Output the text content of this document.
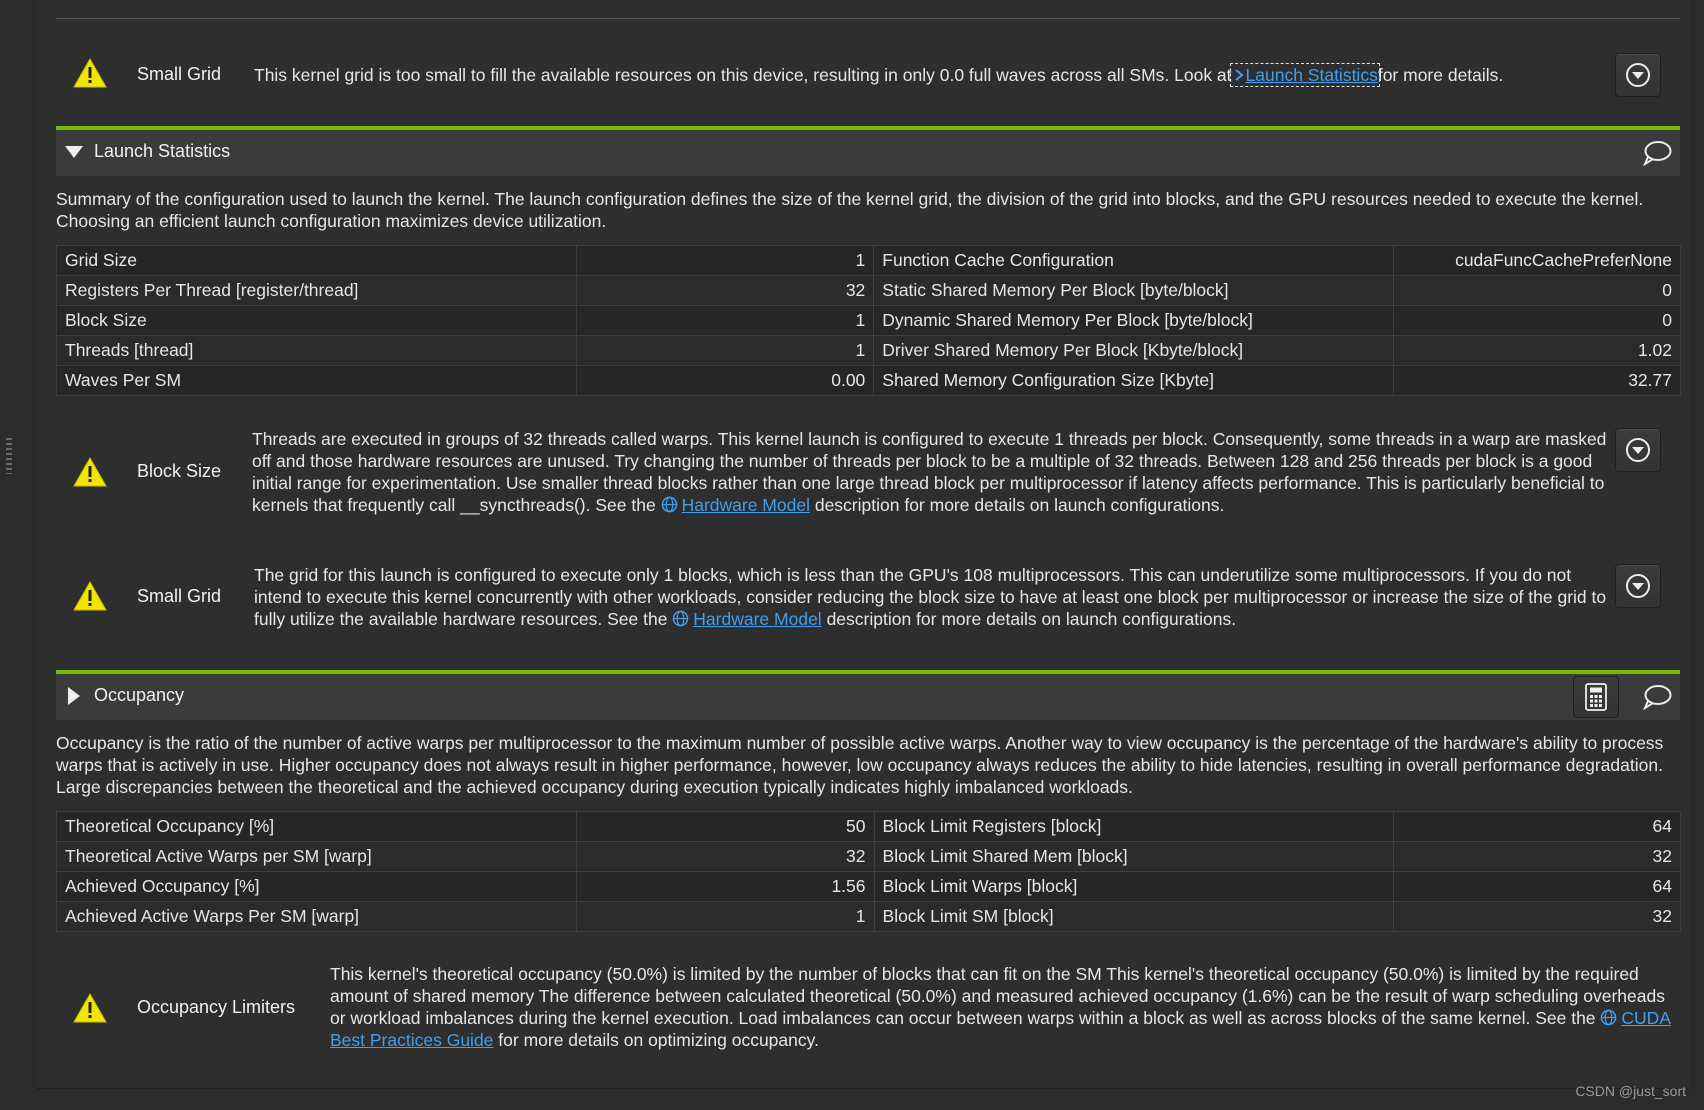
Small Grid This kernel grid is too small to fill the available resources on this device, resulting in only 0.0 full waves across all SMs. Look at Launch Statisticsfor more details.
Launch Statistics
Summary of the configuration used to launch the kernel. The launch configuration defines the size of the kernel grid, the division of the grid into blocks, and the GPU resources needed to execute the kernel. Choosing an efficient launch configuration maximizes device utilization.
Grid Size	1	Function Cache Configuration	cudaFuncCachePreferNone
Registers Per Thread [register/thread]	32	Static Shared Memory Per Block [byte/block]	0
Block Size	1	Dynamic Shared Memory Per Block [byte/block]	0
Threads [thread]	1	Driver Shared Memory Per Block [Kbyte/block]	1.02
Waves Per SM	0.00	Shared Memory Configuration Size [Kbyte]	32.77
Block Size
Threads are executed in groups of 32 threads called warps. This kernel launch is configured to execute 1 threads per block. Consequently, some threads in a warp are masked off and those hardware resources are unused. Try changing the number of threads per block to be a multiple of 32 threads. Between 128 and 256 threads per block is a good initial range for experimentation. Use smaller thread blocks rather than one large thread block per multiprocessor if latency affects performance. This is particularly beneficial to kernels that frequently call __syncthreads(). See the Hardware Model description for more details on launch configurations.
Small Grid
The grid for this launch is configured to execute only 1 blocks, which is less than the GPU's 108 multiprocessors. This can underutilize some multiprocessors. If you do not intend to execute this kernel concurrently with other workloads, consider reducing the block size to have at least one block per multiprocessor or increase the size of the grid to fully utilize the available hardware resources. See the Hardware Model description for more details on launch configurations.
Occupancy
Occupancy is the ratio of the number of active warps per multiprocessor to the maximum number of possible active warps. Another way to view occupancy is the percentage of the hardware's ability to process warps that is actively in use. Higher occupancy does not always result in higher performance, however, low occupancy always reduces the ability to hide latencies, resulting in overall performance degradation. Large discrepancies between the theoretical and the achieved occupancy during execution typically indicates highly imbalanced workloads.
Theoretical Occupancy [%]	50	Block Limit Registers [block]	64
Theoretical Active Warps per SM [warp]	32	Block Limit Shared Mem [block]	32
Achieved Occupancy [%]	1.56	Block Limit Warps [block]	64
Achieved Active Warps Per SM [warp]	1	Block Limit SM [block]	32
Occupancy Limiters
This kernel's theoretical occupancy (50.0%) is limited by the number of blocks that can fit on the SM This kernel's theoretical occupancy (50.0%) is limited by the required amount of shared memory The difference between calculated theoretical (50.0%) and measured achieved occupancy (1.6%) can be the result of warp scheduling overheads or workload imbalances during the kernel execution. Load imbalances can occur between warps within a block as well as across blocks of the same kernel. See the CUDA Best Practices Guide for more details on optimizing occupancy.
CSDN @just_sort
